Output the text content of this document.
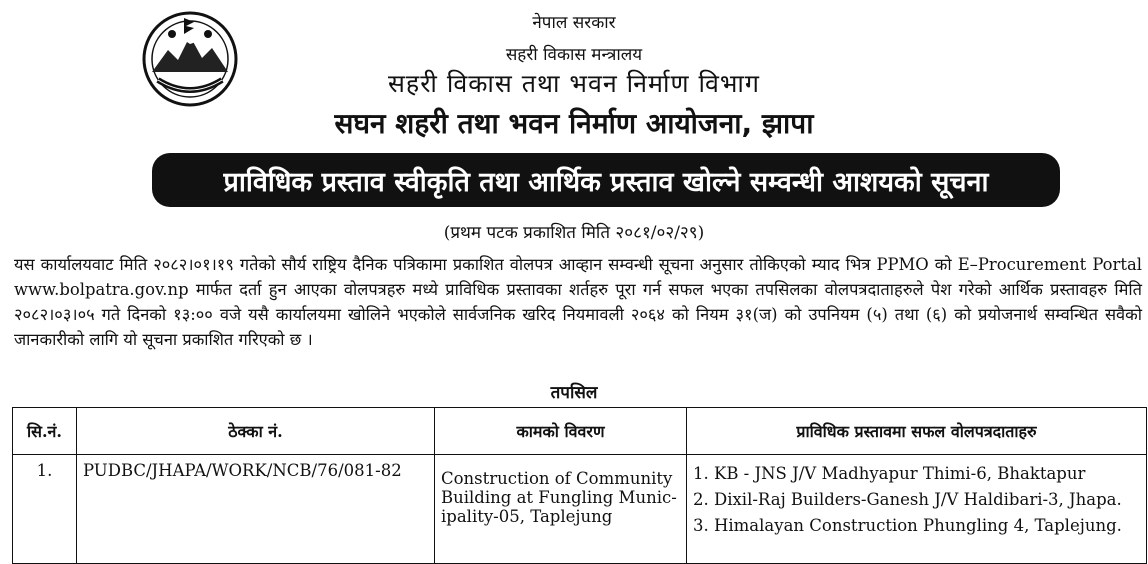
नेपाल सरकार
सहरी विकास मन्त्रालय
सहरी विकास तथा भवन निर्माण विभाग
सघन शहरी तथा भवन निर्माण आयोजना, झापा
प्राविधिक प्रस्ताव स्वीकृति तथा आर्थिक प्रस्ताव खोल्ने सम्वन्धी आशयको सूचना
(प्रथम पटक प्रकाशित मिति २०८१/०२/२९)
यस कार्यालयवाट मिति २०८२।०१।१९ गतेको सौर्य राष्ट्रिय दैनिक पत्रिकामा प्रकाशित वोलपत्र आव्हान सम्वन्धी सूचना अनुसार तोकिएको म्याद भित्र PPMO को E–Procurement Portal www.bolpatra.gov.np मार्फत दर्ता हुन आएका वोलपत्रहरु मध्ये प्राविधिक प्रस्तावका शर्तहरु पूरा गर्न सफल भएका तपसिलका वोलपत्रदाताहरुले पेश गरेको आर्थिक प्रस्तावहरु मिति २०८२।०३।०५ गते दिनको १३:०० वजे यसै कार्यालयमा खोलिने भएकोले सार्वजनिक खरिद नियमावली २०६४ को नियम ३१(ज) को उपनियम (५) तथा (६) को प्रयोजनार्थ सम्वन्धित सवैको जानकारीको लागि यो सूचना प्रकाशित गरिएको छ ।
तपसिल
सि.नं.	ठेक्का नं.	कामको विवरण	प्राविधिक प्रस्तावमा सफल वोलपत्रदाताहरु
1.	PUDBC/JHAPA/WORK/NCB/76/081-82	Construction of Community Building at Fungling Munic-ipality-05, Taplejung	1. KB - JNS J/V Madhyapur Thimi-6, Bhaktapur
2. Dixil-Raj Builders-Ganesh J/V Haldibari-3, Jhapa.
3. Himalayan Construction Phungling 4, Taplejung.
